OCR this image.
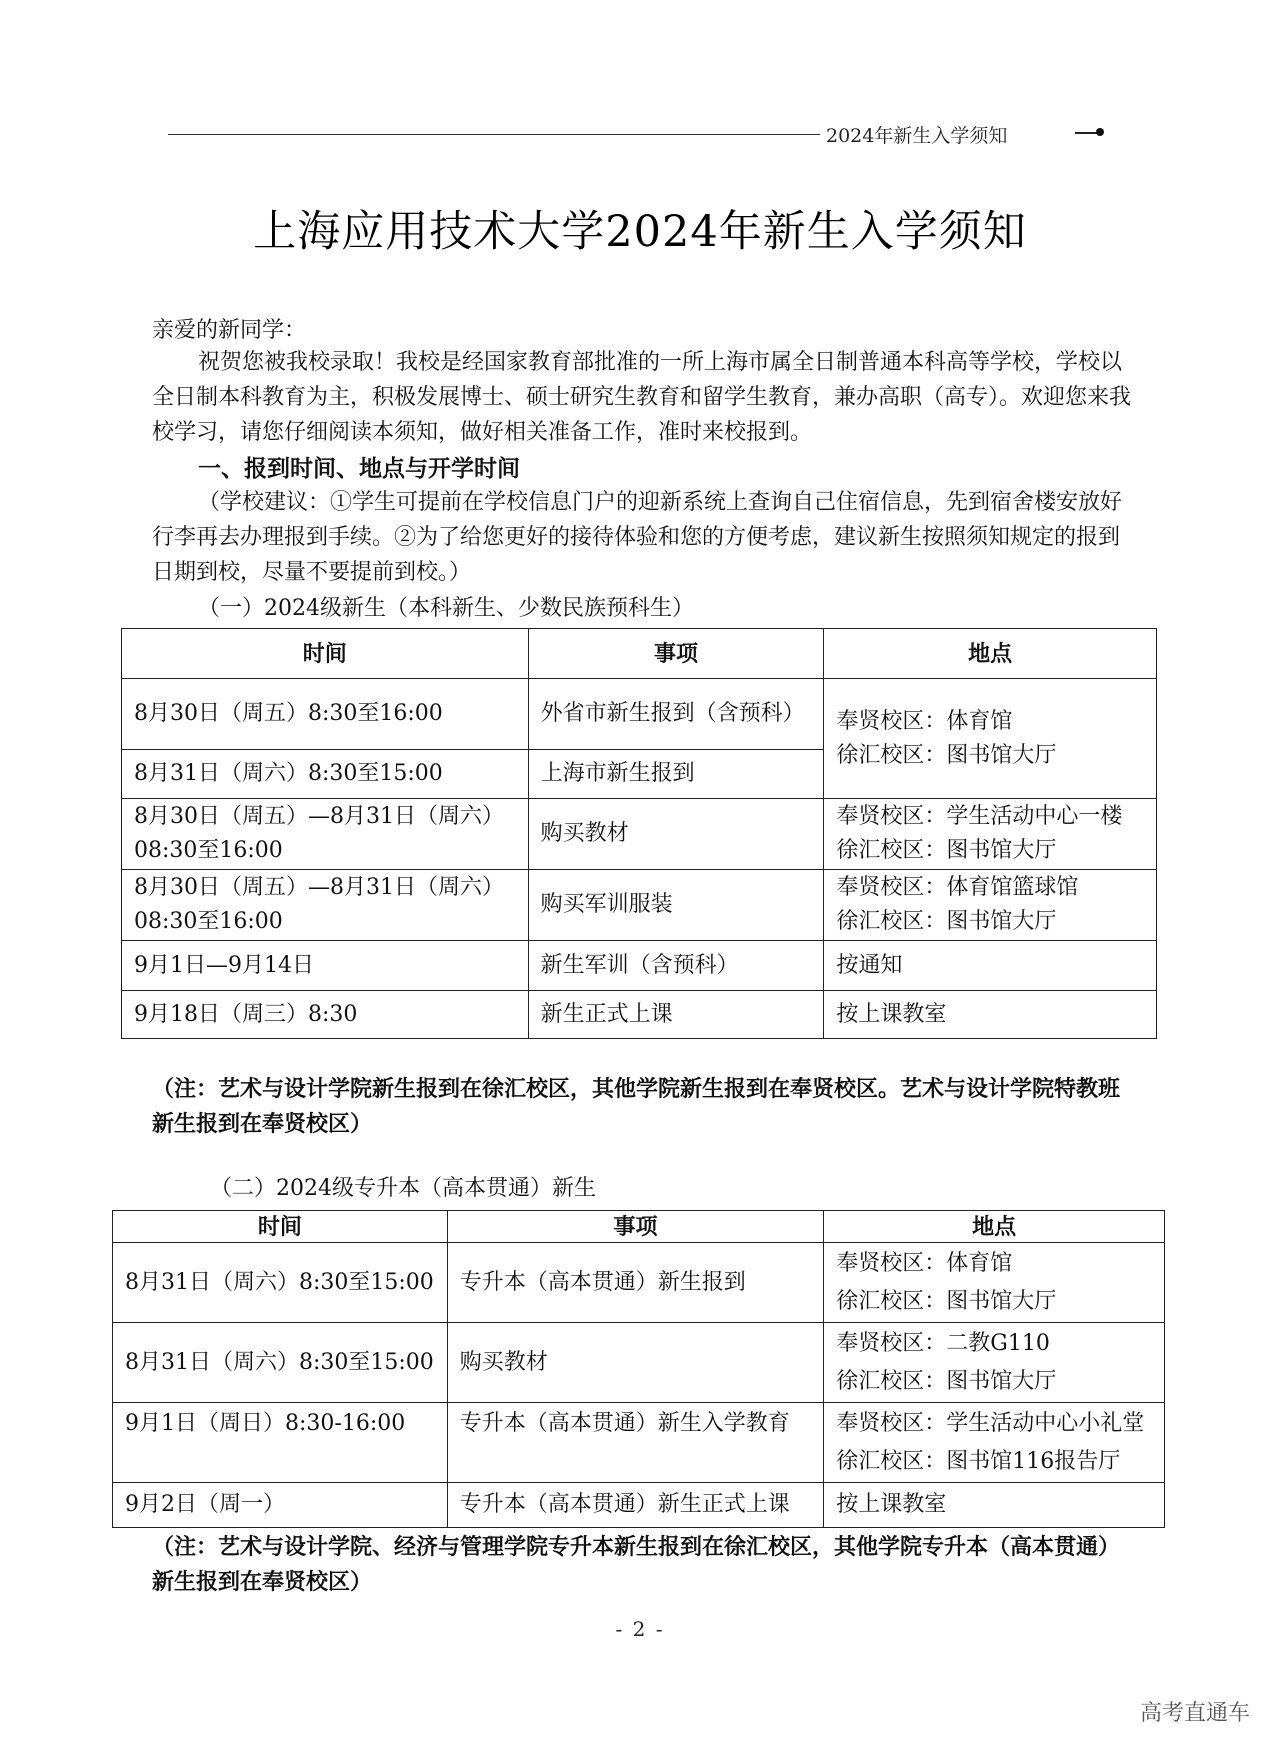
2024年新生入学须知
上海应用技术大学2024年新生入学须知
亲爱的新同学：
祝贺您被我校录取！我校是经国家教育部批准的一所上海市属全日制普通本科高等学校，学校以全日制本科教育为主，积极发展博士、硕士研究生教育和留学生教育，兼办高职（高专）。欢迎您来我校学习，请您仔细阅读本须知，做好相关准备工作，准时来校报到。
一、报到时间、地点与开学时间
（学校建议：①学生可提前在学校信息门户的迎新系统上查询自己住宿信息，先到宿舍楼安放好行李再去办理报到手续。②为了给您更好的接待体验和您的方便考虑，建议新生按照须知规定的报到日期到校，尽量不要提前到校。）
（一）2024级新生（本科新生、少数民族预科生）
时间	事项	地点
8月30日（周五）8:30至16:00	外省市新生报到（含预科）	奉贤校区：体育馆
徐汇校区：图书馆大厅
8月31日（周六）8:30至15:00	上海市新生报到	
8月30日（周五）—8月31日（周六）08:30至16:00	购买教材	奉贤校区：学生活动中心一楼
徐汇校区：图书馆大厅
8月30日（周五）—8月31日（周六）08:30至16:00	购买军训服装	奉贤校区：体育馆篮球馆
徐汇校区：图书馆大厅
9月1日—9月14日	新生军训（含预科）	按通知
9月18日（周三）8:30	新生正式上课	按上课教室
（注：艺术与设计学院新生报到在徐汇校区，其他学院新生报到在奉贤校区。艺术与设计学院特教班新生报到在奉贤校区）
（二）2024级专升本（高本贯通）新生
时间	事项	地点
8月31日（周六）8:30至15:00	专升本（高本贯通）新生报到	奉贤校区：体育馆
徐汇校区：图书馆大厅
8月31日（周六）8:30至15:00	购买教材	奉贤校区：二教G110
徐汇校区：图书馆大厅
9月1日（周日）8:30-16:00	专升本（高本贯通）新生入学教育	奉贤校区：学生活动中心小礼堂
徐汇校区：图书馆116报告厅
9月2日（周一）	专升本（高本贯通）新生正式上课	按上课教室
（注：艺术与设计学院、经济与管理学院专升本新生报到在徐汇校区，其他学院专升本（高本贯通）新生报到在奉贤校区）
- 2 -
高考直通车
